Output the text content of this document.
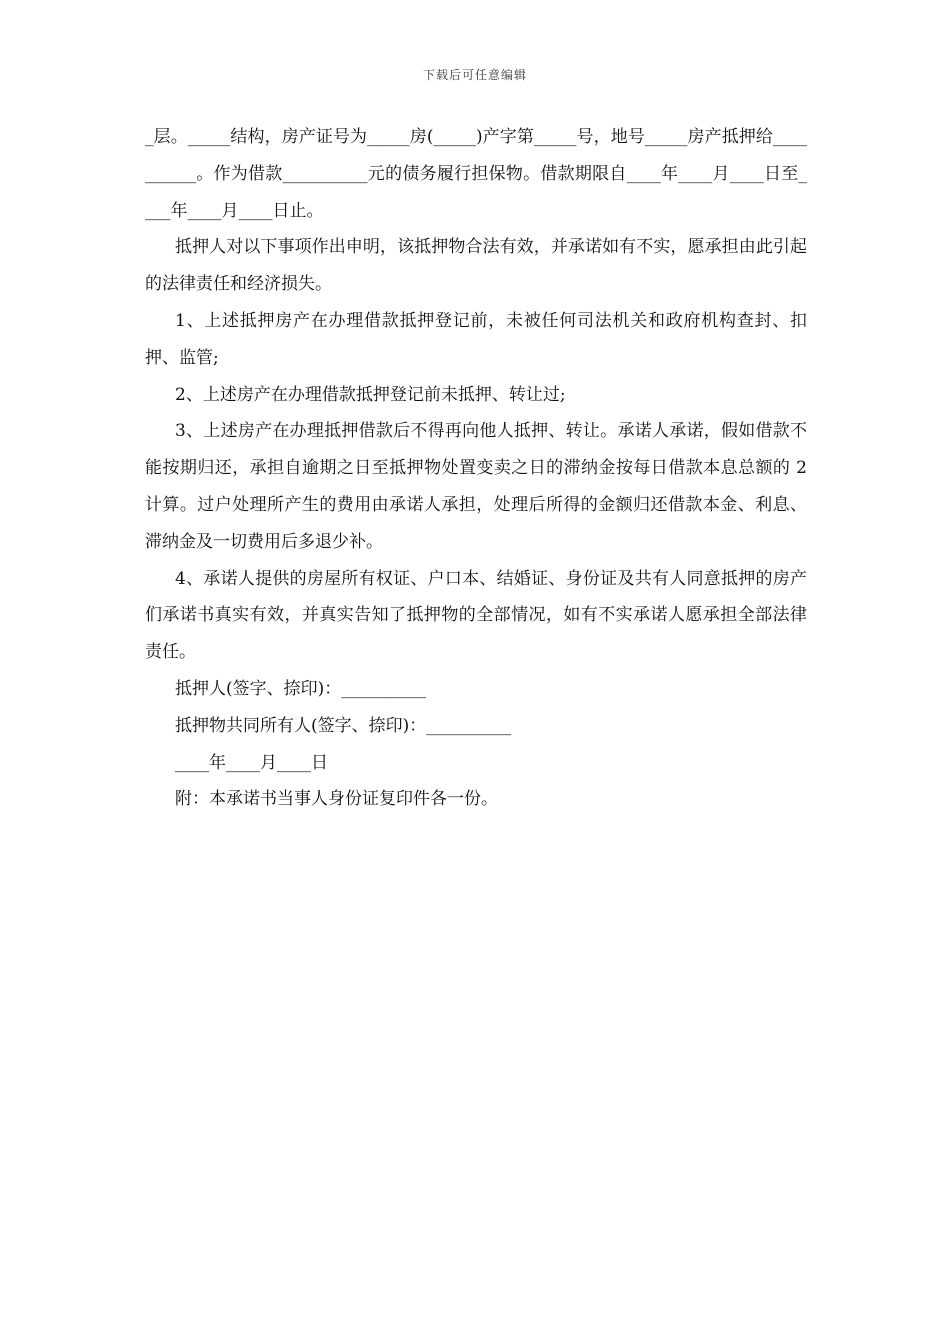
下载后可任意编辑

_层。_____结构，房产证号为_____房(_____)产字第_____号，地号_____房产抵押给__________。作为借款__________元的债务履行担保物。借款期限自____年____月____日至____年____月____日止。

抵押人对以下事项作出申明，该抵押物合法有效，并承诺如有不实，愿承担由此引起的法律责任和经济损失。

1、上述抵押房产在办理借款抵押登记前，未被任何司法机关和政府机构查封、扣押、监管;

2、上述房产在办理借款抵押登记前未抵押、转让过;

3、上述房产在办理抵押借款后不得再向他人抵押、转让。承诺人承诺，假如借款不能按期归还，承担自逾期之日至抵押物处置变卖之日的滞纳金按每日借款本息总额的 2 计算。过户处理所产生的费用由承诺人承担，处理后所得的金额归还借款本金、利息、滞纳金及一切费用后多退少补。

4、承诺人提供的房屋所有权证、户口本、结婚证、身份证及共有人同意抵押的房产们承诺书真实有效，并真实告知了抵押物的全部情况，如有不实承诺人愿承担全部法律责任。

抵押人(签字、捺印)：__________

抵押物共同所有人(签字、捺印)：__________

____年____月____日

附：本承诺书当事人身份证复印件各一份。
